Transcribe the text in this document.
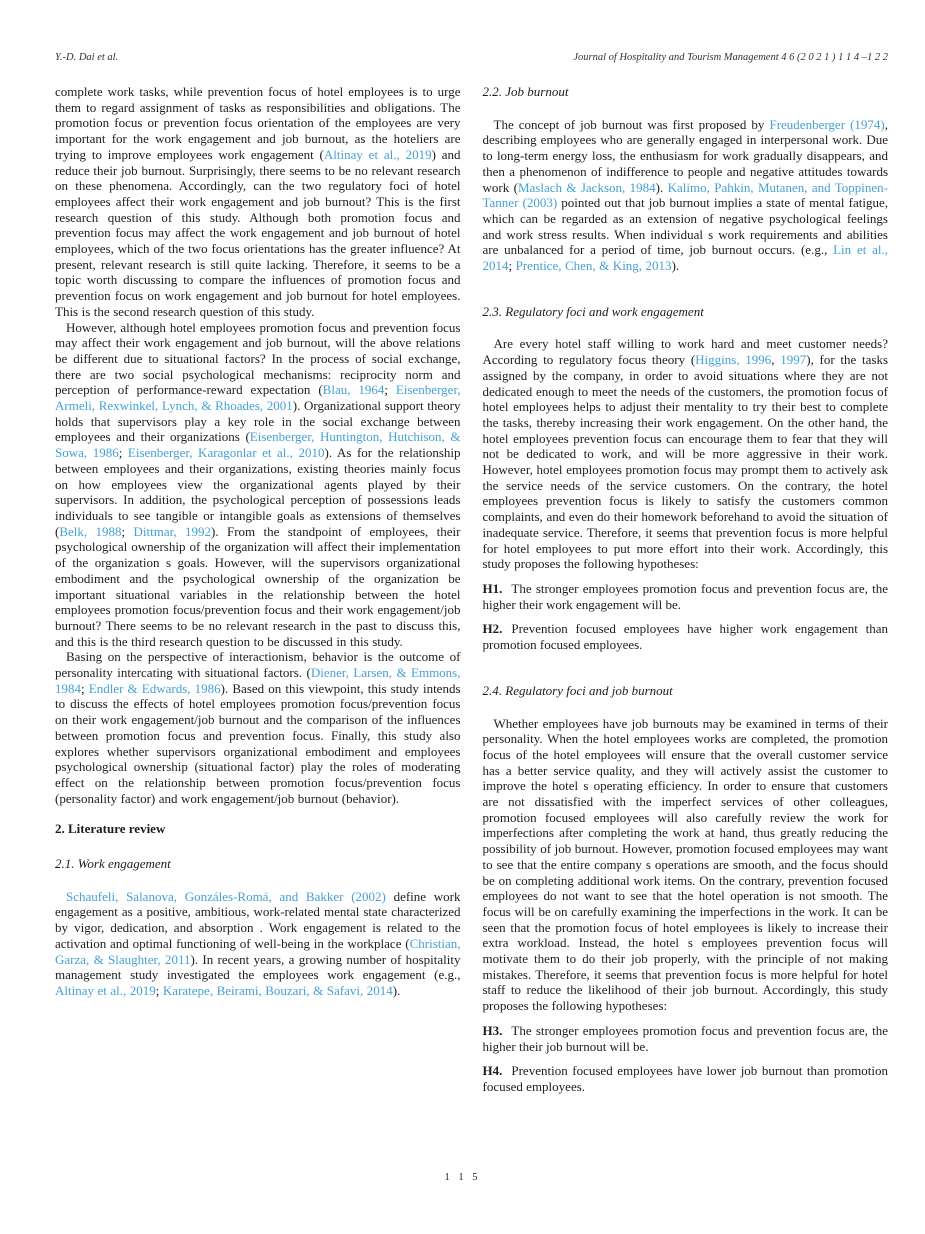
Y.-D. Dai et al.	Journal of Hospitality and Tourism Management 4 6 (2 0 2 1 ) 1 1 4 –1 2 2

complete work tasks, while prevention focus of hotel employees is to urge them to regard assignment of tasks as responsibilities and obligations. The promotion focus or prevention focus orientation of the employees are very important for the work engagement and job burnout, as the hoteliers are trying to improve employees work engagement (Altinay et al., 2019) and reduce their job burnout. Surprisingly, there seems to be no relevant research on these phenomena. Accordingly, can the two regulatory foci of hotel employees affect their work engagement and job burnout? This is the first research question of this study. Although both promotion focus and prevention focus may affect the work engagement and job burnout of hotel employees, which of the two focus orientations has the greater influence? At present, relevant research is still quite lacking. Therefore, it seems to be a topic worth discussing to compare the influences of promotion focus and prevention focus on work engagement and job burnout for hotel employees. This is the second research question of this study.

However, although hotel employees promotion focus and prevention focus may affect their work engagement and job burnout, will the above relations be different due to situational factors? In the process of social exchange, there are two social psychological mechanisms: reciprocity norm and perception of performance-reward expectation (Blau, 1964; Eisenberger, Armeli, Rexwinkel, Lynch, & Rhoades, 2001). Organizational support theory holds that supervisors play a key role in the social exchange between employees and their organizations (Eisenberger, Huntington, Hutchison, & Sowa, 1986; Eisenberger, Karagonlar et al., 2010). As for the relationship between employees and their organizations, existing theories mainly focus on how employees view the organizational agents played by their supervisors. In addition, the psychological perception of possessions leads individuals to see tangible or intangible goals as extensions of themselves (Belk, 1988; Dittmar, 1992). From the standpoint of employees, their psychological ownership of the organization will affect their implementation of the organization s goals. However, will the supervisors organizational embodiment and the psychological ownership of the organization be important situational variables in the relationship between the hotel employees promotion focus/prevention focus and their work engagement/job burnout? There seems to be no relevant research in the past to discuss this, and this is the third research question to be discussed in this study.

Basing on the perspective of interactionism, behavior is the outcome of personality intercating with situational factors. (Diener, Larsen, & Emmons, 1984; Endler & Edwards, 1986). Based on this viewpoint, this study intends to discuss the effects of hotel employees promotion focus/prevention focus on their work engagement/job burnout and the comparison of the influences between promotion focus and prevention focus. Finally, this study also explores whether supervisors organizational embodiment and employees psychological ownership (situational factor) play the roles of moderating effect on the relationship between promotion focus/prevention focus (personality factor) and work engagement/job burnout (behavior).

2. Literature review
2.1. Work engagement

Schaufeli, Salanova, Gonzáles-Romá, and Bakker (2002) define work engagement as a positive, ambitious, work-related mental state characterized by vigor, dedication, and absorption . Work engagement is related to the activation and optimal functioning of well-being in the workplace (Christian, Garza, & Slaughter, 2011). In recent years, a growing number of hospitality management study investigated the employees work engagement (e.g., Altinay et al., 2019; Karatepe, Beirami, Bouzari, & Safavi, 2014).

2.2. Job burnout

The concept of job burnout was first proposed by Freudenberger (1974), describing employees who are generally engaged in interpersonal work. Due to long-term energy loss, the enthusiasm for work gradually disappears, and then a phenomenon of indifference to people and negative attitudes towards work (Maslach & Jackson, 1984). Kalimo, Pahkin, Mutanen, and Toppinen-Tanner (2003) pointed out that job burnout implies a state of mental fatigue, which can be regarded as an extension of negative psychological feelings and work stress results. When individual s work requirements and abilities are unbalanced for a period of time, job burnout occurs. (e.g., Lin et al., 2014; Prentice, Chen, & King, 2013).

2.3. Regulatory foci and work engagement

Are every hotel staff willing to work hard and meet customer needs? According to regulatory focus theory (Higgins, 1996, 1997), for the tasks assigned by the company, in order to avoid situations where they are not dedicated enough to meet the needs of the customers, the promotion focus of hotel employees helps to adjust their mentality to try their best to complete the tasks, thereby increasing their work engagement. On the other hand, the hotel employees prevention focus can encourage them to fear that they will not be dedicated to work, and will be more aggressive in their work. However, hotel employees promotion focus may prompt them to actively ask the service needs of the service customers. On the contrary, the hotel employees prevention focus is likely to satisfy the customers common complaints, and even do their homework beforehand to avoid the situation of inadequate service. Therefore, it seems that prevention focus is more helpful for hotel employees to put more effort into their work. Accordingly, this study proposes the following hypotheses:

H1. The stronger employees promotion focus and prevention focus are, the higher their work engagement will be.

H2. Prevention focused employees have higher work engagement than promotion focused employees.

2.4. Regulatory foci and job burnout

Whether employees have job burnouts may be examined in terms of their personality. When the hotel employees works are completed, the promotion focus of the hotel employees will ensure that the overall customer service has a better service quality, and they will actively assist the customer to improve the hotel s operating efficiency. In order to ensure that customers are not dissatisfied with the imperfect services of other colleagues, promotion focused employees will also carefully review the work for imperfections after completing the work at hand, thus greatly reducing the possibility of job burnout. However, promotion focused employees may want to see that the entire company s operations are smooth, and the focus should be on completing additional work items. On the contrary, prevention focused employees do not want to see that the hotel operation is not smooth. The focus will be on carefully examining the imperfections in the work. It can be seen that the promotion focus of hotel employees is likely to increase their extra workload. Instead, the hotel s employees prevention focus will motivate them to do their job properly, with the principle of not making mistakes. Therefore, it seems that prevention focus is more helpful for hotel staff to reduce the likelihood of their job burnout. Accordingly, this study proposes the following hypotheses:

H3. The stronger employees promotion focus and prevention focus are, the higher their job burnout will be.

H4. Prevention focused employees have lower job burnout than promotion focused employees.

1 1 5
